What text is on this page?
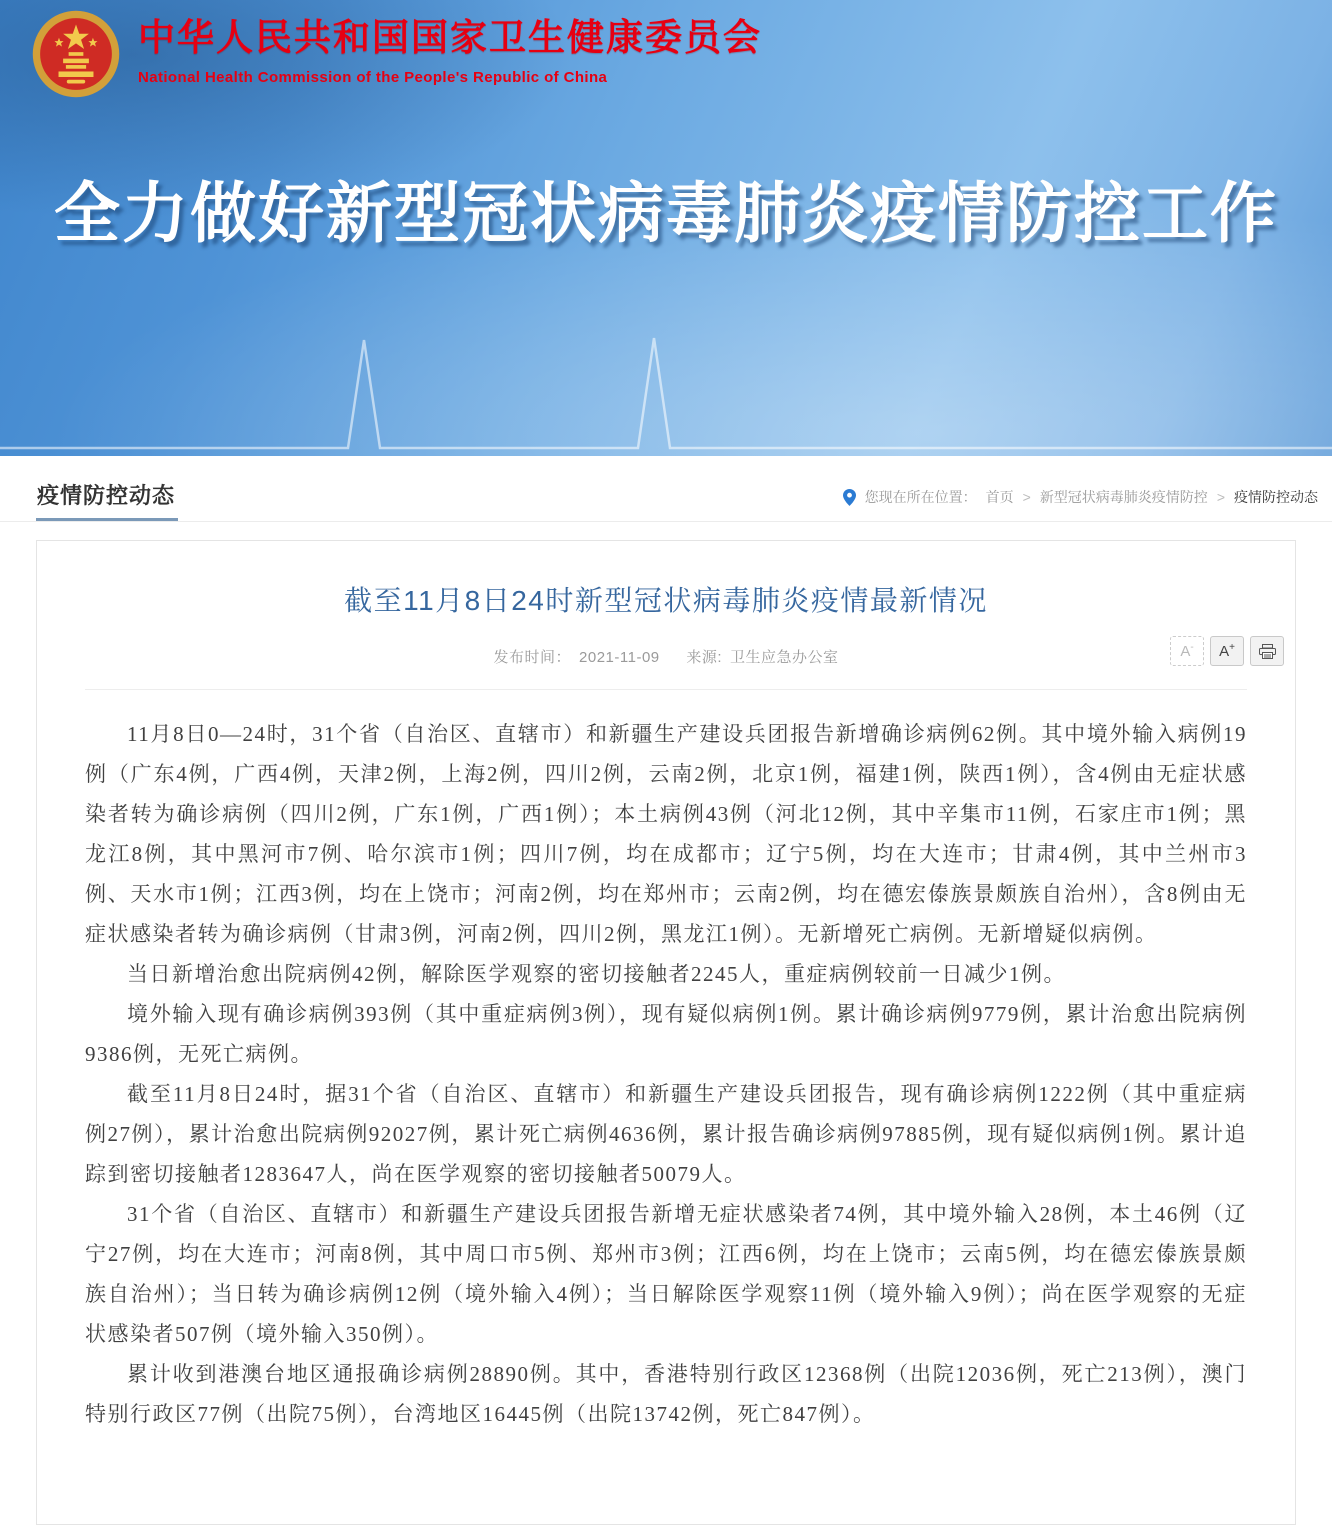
中华人民共和国国家卫生健康委员会
National Health Commission of the People's Republic of China
全力做好新型冠状病毒肺炎疫情防控工作
疫情防控动态	您现在所在位置： 首页 > 新型冠状病毒肺炎疫情防控 > 疫情防控动态
截至11月8日24时新型冠状病毒肺炎疫情最新情况
发布时间： 2021-11-09 来源: 卫生应急办公室	A- A+

11月8日0—24时，31个省（自治区、直辖市）和新疆生产建设兵团报告新增确诊病例62例。其中境外输入病例19例（广东4例，广西4例，天津2例，上海2例，四川2例，云南2例，北京1例，福建1例，陕西1例），含4例由无症状感染者转为确诊病例（四川2例，广东1例，广西1例）；本土病例43例（河北12例，其中辛集市11例，石家庄市1例；黑龙江8例，其中黑河市7例、哈尔滨市1例；四川7例，均在成都市；辽宁5例，均在大连市；甘肃4例，其中兰州市3例、天水市1例；江西3例，均在上饶市；河南2例，均在郑州市；云南2例，均在德宏傣族景颇族自治州），含8例由无症状感染者转为确诊病例（甘肃3例，河南2例，四川2例，黑龙江1例）。无新增死亡病例。无新增疑似病例。

当日新增治愈出院病例42例，解除医学观察的密切接触者2245人，重症病例较前一日减少1例。

境外输入现有确诊病例393例（其中重症病例3例），现有疑似病例1例。累计确诊病例9779例，累计治愈出院病例9386例，无死亡病例。

截至11月8日24时，据31个省（自治区、直辖市）和新疆生产建设兵团报告，现有确诊病例1222例（其中重症病例27例），累计治愈出院病例92027例，累计死亡病例4636例，累计报告确诊病例97885例，现有疑似病例1例。累计追踪到密切接触者1283647人，尚在医学观察的密切接触者50079人。

31个省（自治区、直辖市）和新疆生产建设兵团报告新增无症状感染者74例，其中境外输入28例，本土46例（辽宁27例，均在大连市；河南8例，其中周口市5例、郑州市3例；江西6例，均在上饶市；云南5例，均在德宏傣族景颇族自治州）；当日转为确诊病例12例（境外输入4例）；当日解除医学观察11例（境外输入9例）；尚在医学观察的无症状感染者507例（境外输入350例）。

累计收到港澳台地区通报确诊病例28890例。其中，香港特别行政区12368例（出院12036例，死亡213例），澳门特别行政区77例（出院75例），台湾地区16445例（出院13742例，死亡847例）。
